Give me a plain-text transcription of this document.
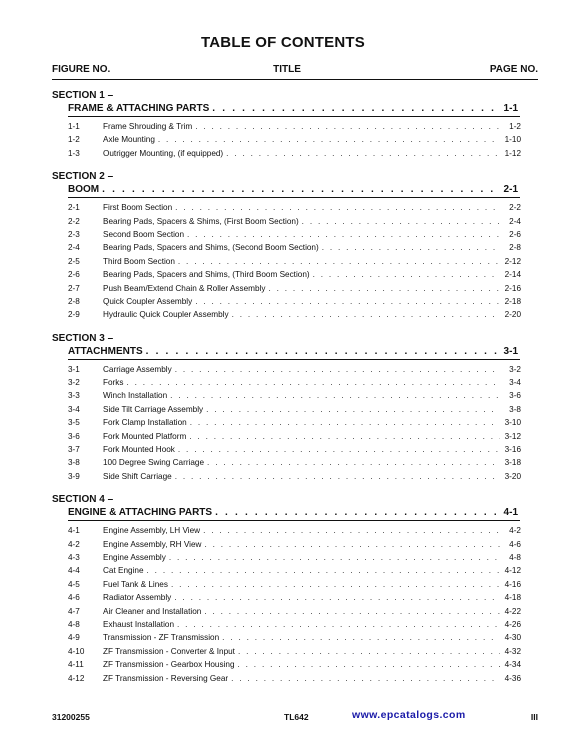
TABLE OF CONTENTS
FIGURE NO.	TITLE	PAGE NO.
SECTION 1 –
FRAME & ATTACHING PARTS . . .	1-1
1-1	Frame Shrouding & Trim . . .	1-2
1-2	Axle Mounting . . .	1-10
1-3	Outrigger Mounting, (if equipped) . . .	1-12
SECTION 2 –
BOOM . . .	2-1
2-1	First Boom Section . . .	2-2
2-2	Bearing Pads, Spacers & Shims, (First Boom Section) . . .	2-4
2-3	Second Boom Section . . .	2-6
2-4	Bearing Pads, Spacers and Shims, (Second Boom Section) . . .	2-8
2-5	Third Boom Section . . .	2-12
2-6	Bearing Pads, Spacers and Shims, (Third Boom Section) . . .	2-14
2-7	Push Beam/Extend Chain & Roller Assembly . . .	2-16
2-8	Quick Coupler Assembly . . .	2-18
2-9	Hydraulic Quick Coupler Assembly . . .	2-20
SECTION 3 –
ATTACHMENTS . . .	3-1
3-1	Carriage Assembly . . .	3-2
3-2	Forks . . .	3-4
3-3	Winch Installation . . .	3-6
3-4	Side Tilt Carriage Assembly . . .	3-8
3-5	Fork Clamp Installation . . .	3-10
3-6	Fork Mounted Platform . . .	3-12
3-7	Fork Mounted Hook . . .	3-16
3-8	100 Degree Swing Carriage . . .	3-18
3-9	Side Shift Carriage . . .	3-20
SECTION 4 –
ENGINE & ATTACHING PARTS . . .	4-1
4-1	Engine Assembly, LH View . . .	4-2
4-2	Engine Assembly, RH View . . .	4-6
4-3	Engine Assembly . . .	4-8
4-4	Cat Engine . . .	4-12
4-5	Fuel Tank & Lines . . .	4-16
4-6	Radiator Assembly . . .	4-18
4-7	Air Cleaner and Installation . . .	4-22
4-8	Exhaust Installation . . .	4-26
4-9	Transmission - ZF Transmission . . .	4-30
4-10	ZF Transmission - Converter & Input . . .	4-32
4-11	ZF Transmission - Gearbox Housing . . .	4-34
4-12	ZF Transmission - Reversing Gear . . .	4-36
www.epcatalogs.com
31200255	TL642	III
